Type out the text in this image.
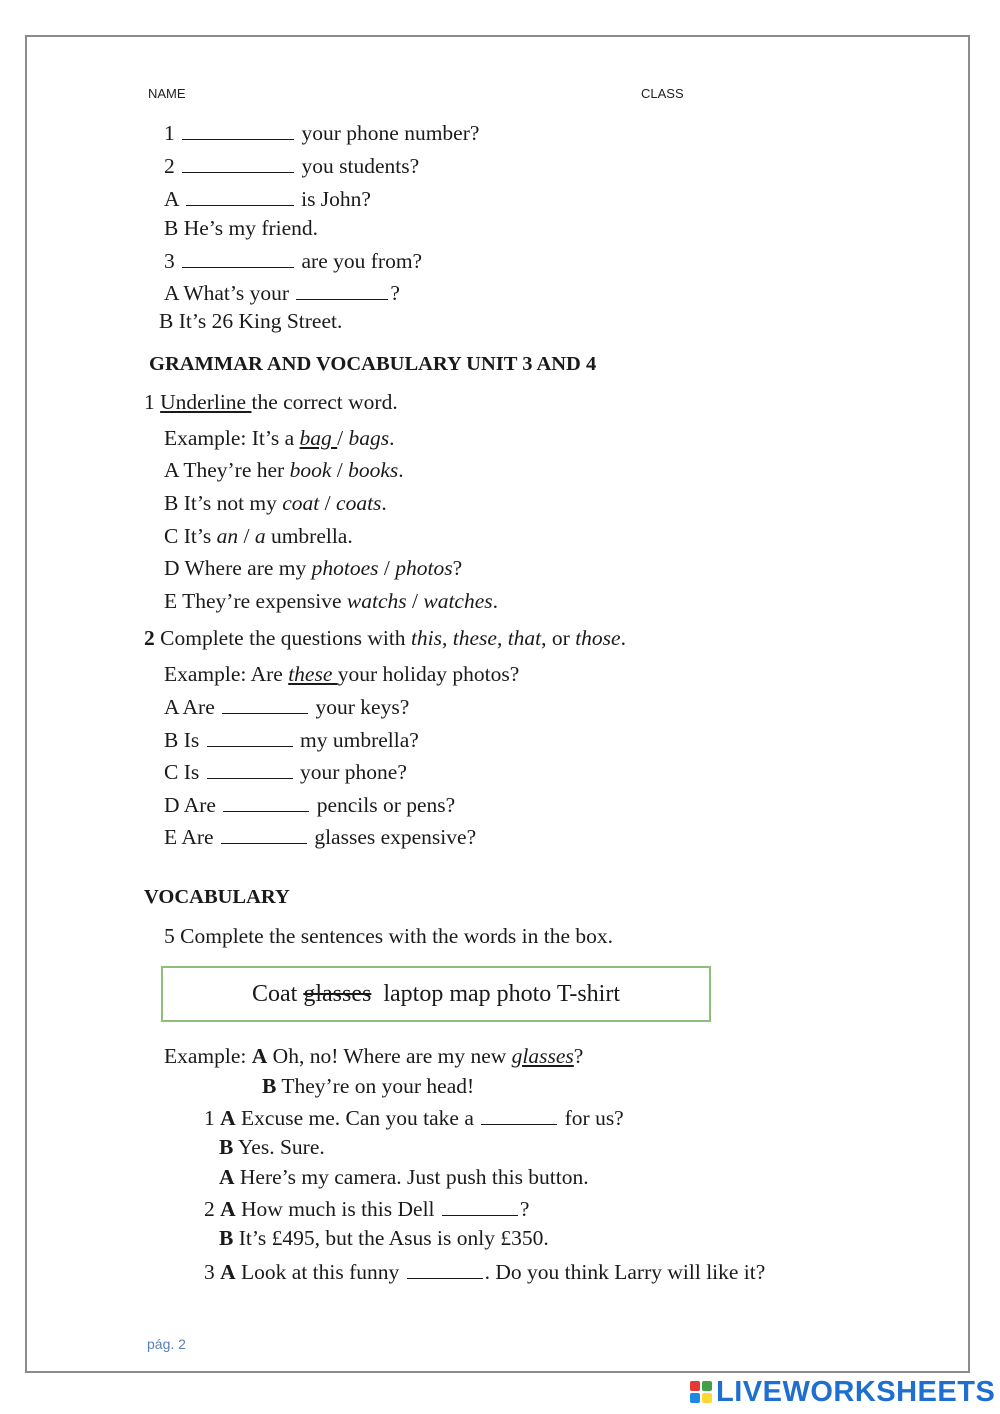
NAME	CLASS
1	your phone number?
2	you students?
A	is John?
B He’s my friend.
3	are you from?
A What’s your	?
B It’s 26 King Street.
GRAMMAR AND VOCABULARY UNIT 3 AND 4
1 Underline the correct word.
Example: It’s a bag / bags.
A They’re her book / books.
B It’s not my coat / coats.
C It’s an / a umbrella.
D Where are my photoes / photos?
E They’re expensive watchs / watches.
2 Complete the questions with this, these, that, or those.
Example: Are these your holiday photos?
A Are	your keys?
B Is	my umbrella?
C Is	your phone?
D Are	pencils or pens?
E Are	glasses expensive?
VOCABULARY
5 Complete the sentences with the words in the box.
Coat glasses  laptop map photo T-shirt
Example: A Oh, no! Where are my new glasses?
B They’re on your head!
1 A Excuse me. Can you take a	for us?
B Yes. Sure.
A Here’s my camera. Just push this button.
2 A How much is this Dell	?
B It’s £495, but the Asus is only £350.
3 A Look at this funny	. Do you think Larry will like it?
pág. 2
LIVEWORKSHEETS
